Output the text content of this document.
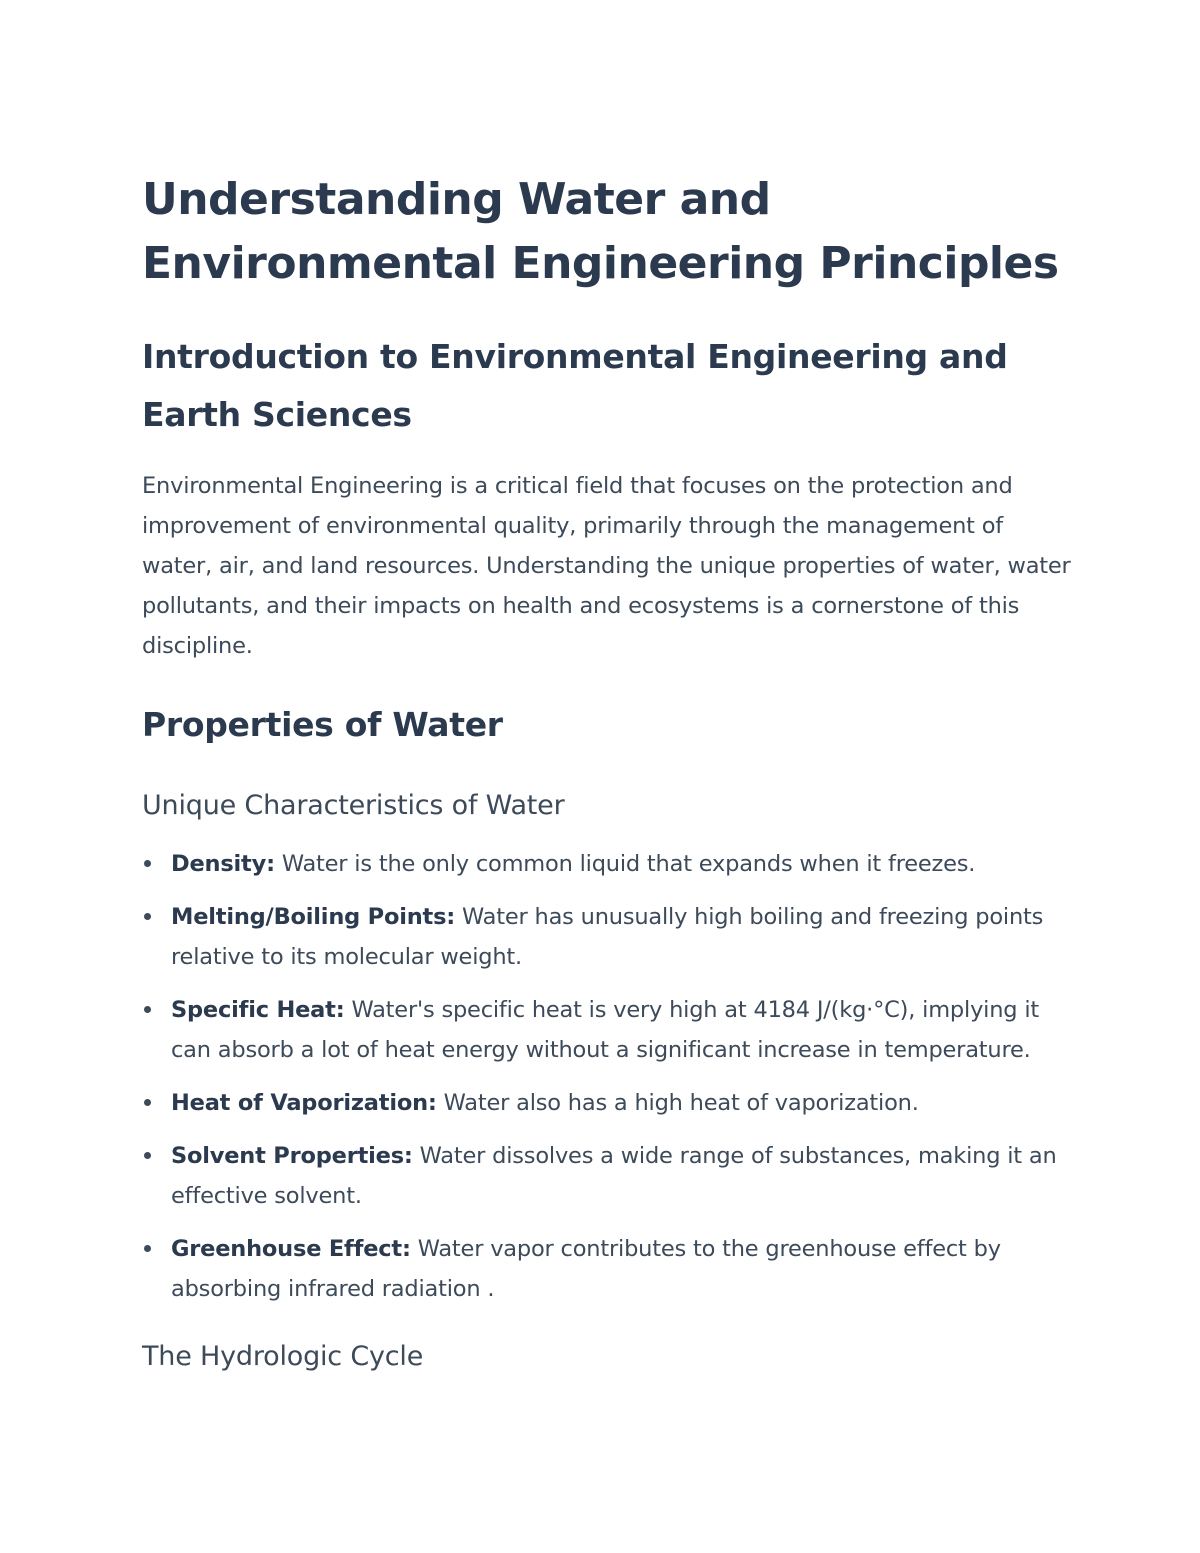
Understanding Water and
Environmental Engineering Principles
Introduction to Environmental Engineering and
Earth Sciences

Environmental Engineering is a critical field that focuses on the protection and improvement of environmental quality, primarily through the management of water, air, and land resources. Understanding the unique properties of water, water pollutants, and their impacts on health and ecosystems is a cornerstone of this discipline.

Properties of Water
Unique Characteristics of Water
Density: Water is the only common liquid that expands when it freezes.
Melting/Boiling Points: Water has unusually high boiling and freezing points relative to its molecular weight.
Specific Heat: Water's specific heat is very high at 4184 J/(kg·°C), implying it can absorb a lot of heat energy without a significant increase in temperature.
Heat of Vaporization: Water also has a high heat of vaporization.
Solvent Properties: Water dissolves a wide range of substances, making it an effective solvent.
Greenhouse Effect: Water vapor contributes to the greenhouse effect by absorbing infrared radiation .
The Hydrologic Cycle
